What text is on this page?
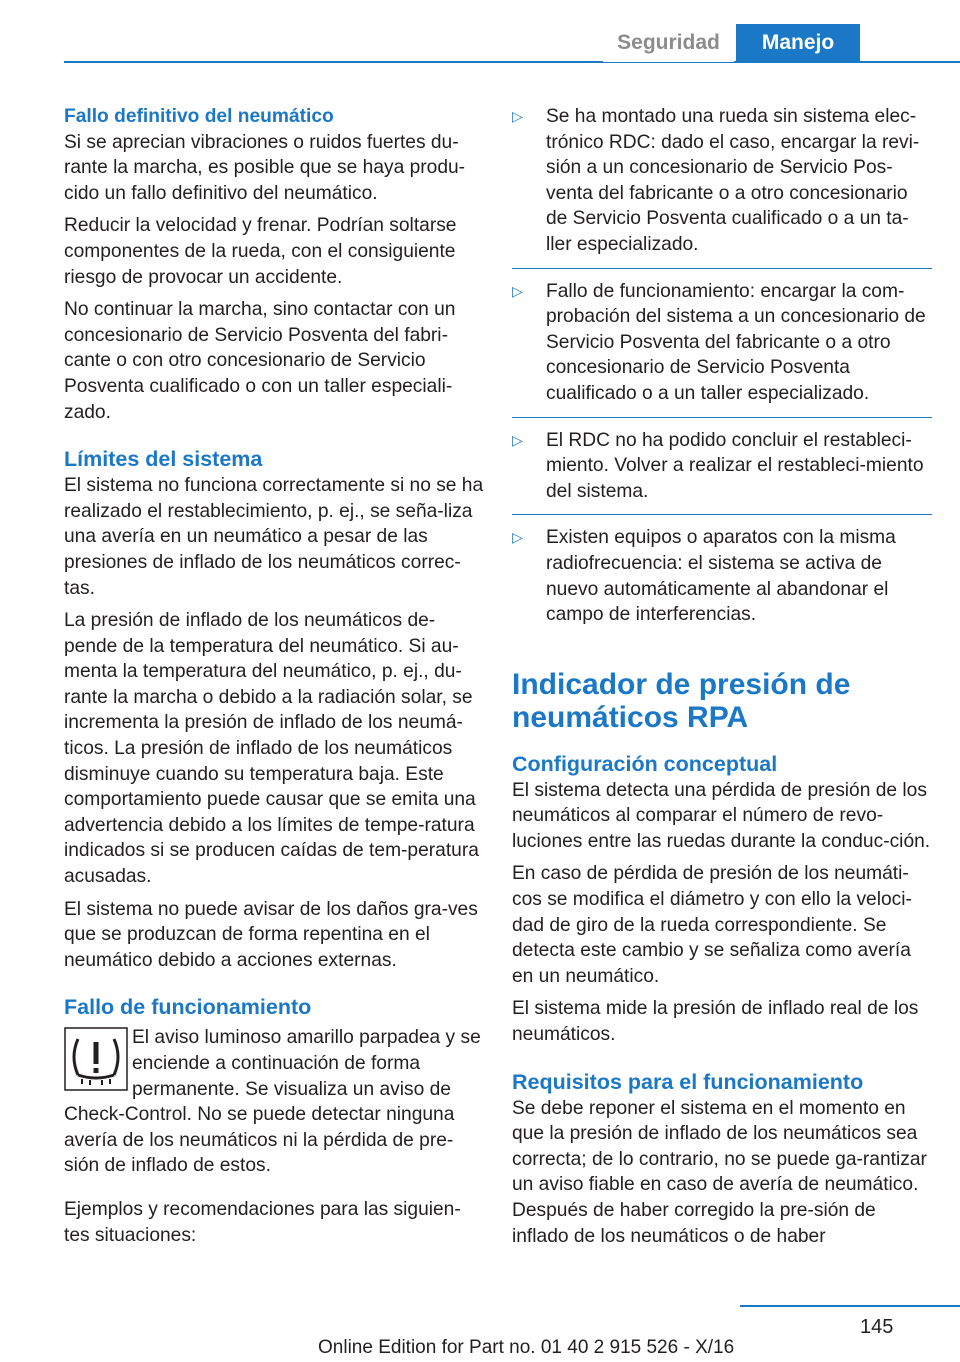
Seguridad	Manejo
Fallo definitivo del neumático

Si se aprecian vibraciones o ruidos fuertes du-rante la marcha, es posible que se haya produ-cido un fallo definitivo del neumático.

Reducir la velocidad y frenar. Podrían soltarse componentes de la rueda, con el consiguiente riesgo de provocar un accidente.

No continuar la marcha, sino contactar con un concesionario de Servicio Posventa del fabri-cante o con otro concesionario de Servicio Posventa cualificado o con un taller especiali-zado.

Límites del sistema

El sistema no funciona correctamente si no se ha realizado el restablecimiento, p. ej., se seña-liza una avería en un neumático a pesar de las presiones de inflado de los neumáticos correc-tas.

La presión de inflado de los neumáticos de-pende de la temperatura del neumático. Si au-menta la temperatura del neumático, p. ej., du-rante la marcha o debido a la radiación solar, se incrementa la presión de inflado de los neumá-ticos. La presión de inflado de los neumáticos disminuye cuando su temperatura baja. Este comportamiento puede causar que se emita una advertencia debido a los límites de tempe-ratura indicados si se producen caídas de tem-peratura acusadas.

El sistema no puede avisar de los daños gra-ves que se produzcan de forma repentina en el neumático debido a acciones externas.

Fallo de funcionamiento

El aviso luminoso amarillo parpadea y se enciende a continuación de forma permanente. Se visualiza un aviso de Check-Control. No se puede detectar ninguna avería de los neumáticos ni la pérdida de pre-sión de inflado de estos.

Ejemplos y recomendaciones para las siguien-tes situaciones:

▷	Se ha montado una rueda sin sistema elec-trónico RDC: dado el caso, encargar la revi-sión a un concesionario de Servicio Pos-venta del fabricante o a otro concesionario de Servicio Posventa cualificado o a un ta-ller especializado.
▷	Fallo de funcionamiento: encargar la com-probación del sistema a un concesionario de Servicio Posventa del fabricante o a otro concesionario de Servicio Posventa cualificado o a un taller especializado.
▷	El RDC no ha podido concluir el restableci-miento. Volver a realizar el restableci-miento del sistema.
▷	Existen equipos o aparatos con la misma radiofrecuencia: el sistema se activa de nuevo automáticamente al abandonar el campo de interferencias.
Indicador de presión de neumáticos RPA
Configuración conceptual

El sistema detecta una pérdida de presión de los neumáticos al comparar el número de revo-luciones entre las ruedas durante la conduc-ción.

En caso de pérdida de presión de los neumáti-cos se modifica el diámetro y con ello la veloci-dad de giro de la rueda correspondiente. Se detecta este cambio y se señaliza como avería en un neumático.

El sistema mide la presión de inflado real de los neumáticos.

Requisitos para el funcionamiento

Se debe reponer el sistema en el momento en que la presión de inflado de los neumáticos sea correcta; de lo contrario, no se puede ga-rantizar un aviso fiable en caso de avería de neumático. Después de haber corregido la pre-sión de inflado de los neumáticos o de haber

145
Online Edition for Part no. 01 40 2 915 526 - X/16
